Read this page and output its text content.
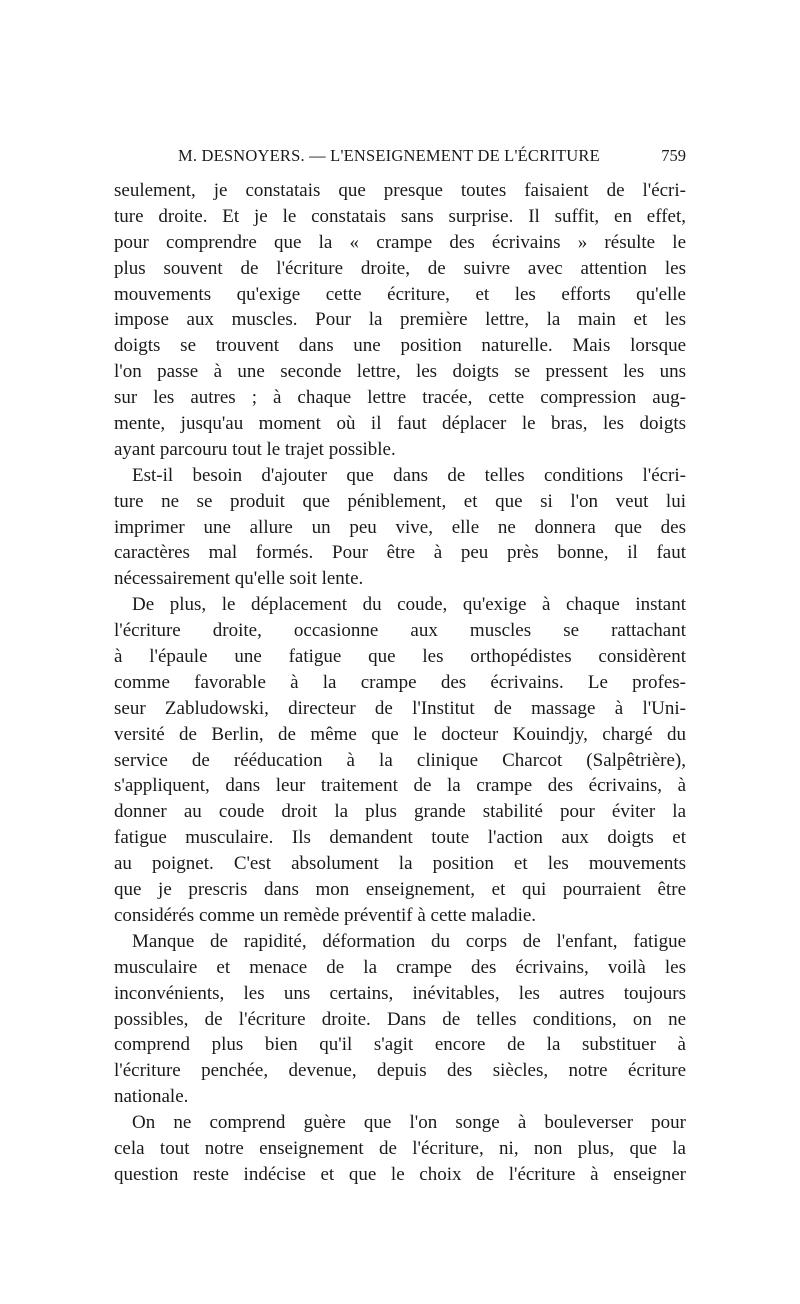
M. DESNOYERS. — L'ENSEIGNEMENT DE L'ÉCRITURE	759
seulement, je constatais que presque toutes faisaient de l'écri-
ture droite. Et je le constatais sans surprise. Il suffit, en effet,
pour comprendre que la « crampe des écrivains » résulte le
plus souvent de l'écriture droite, de suivre avec attention les
mouvements qu'exige cette écriture, et les efforts qu'elle
impose aux muscles. Pour la première lettre, la main et les
doigts se trouvent dans une position naturelle. Mais lorsque
l'on passe à une seconde lettre, les doigts se pressent les uns
sur les autres ; à chaque lettre tracée, cette compression aug-
mente, jusqu'au moment où il faut déplacer le bras, les doigts
ayant parcouru tout le trajet possible.
Est-il besoin d'ajouter que dans de telles conditions l'écri-
ture ne se produit que péniblement, et que si l'on veut lui
imprimer une allure un peu vive, elle ne donnera que des
caractères mal formés. Pour être à peu près bonne, il faut
nécessairement qu'elle soit lente.
De plus, le déplacement du coude, qu'exige à chaque instant
l'écriture droite, occasionne aux muscles se rattachant
à l'épaule une fatigue que les orthopédistes considèrent
comme favorable à la crampe des écrivains. Le profes-
seur Zabludowski, directeur de l'Institut de massage à l'Uni-
versité de Berlin, de même que le docteur Kouindjy, chargé du
service de rééducation à la clinique Charcot (Salpêtrière),
s'appliquent, dans leur traitement de la crampe des écrivains, à
donner au coude droit la plus grande stabilité pour éviter la
fatigue musculaire. Ils demandent toute l'action aux doigts et
au poignet. C'est absolument la position et les mouvements
que je prescris dans mon enseignement, et qui pourraient être
considérés comme un remède préventif à cette maladie.
Manque de rapidité, déformation du corps de l'enfant, fatigue
musculaire et menace de la crampe des écrivains, voilà les
inconvénients, les uns certains, inévitables, les autres toujours
possibles, de l'écriture droite. Dans de telles conditions, on ne
comprend plus bien qu'il s'agit encore de la substituer à
l'écriture penchée, devenue, depuis des siècles, notre écriture
nationale.
On ne comprend guère que l'on songe à bouleverser pour
cela tout notre enseignement de l'écriture, ni, non plus, que la
question reste indécise et que le choix de l'écriture à enseigner
